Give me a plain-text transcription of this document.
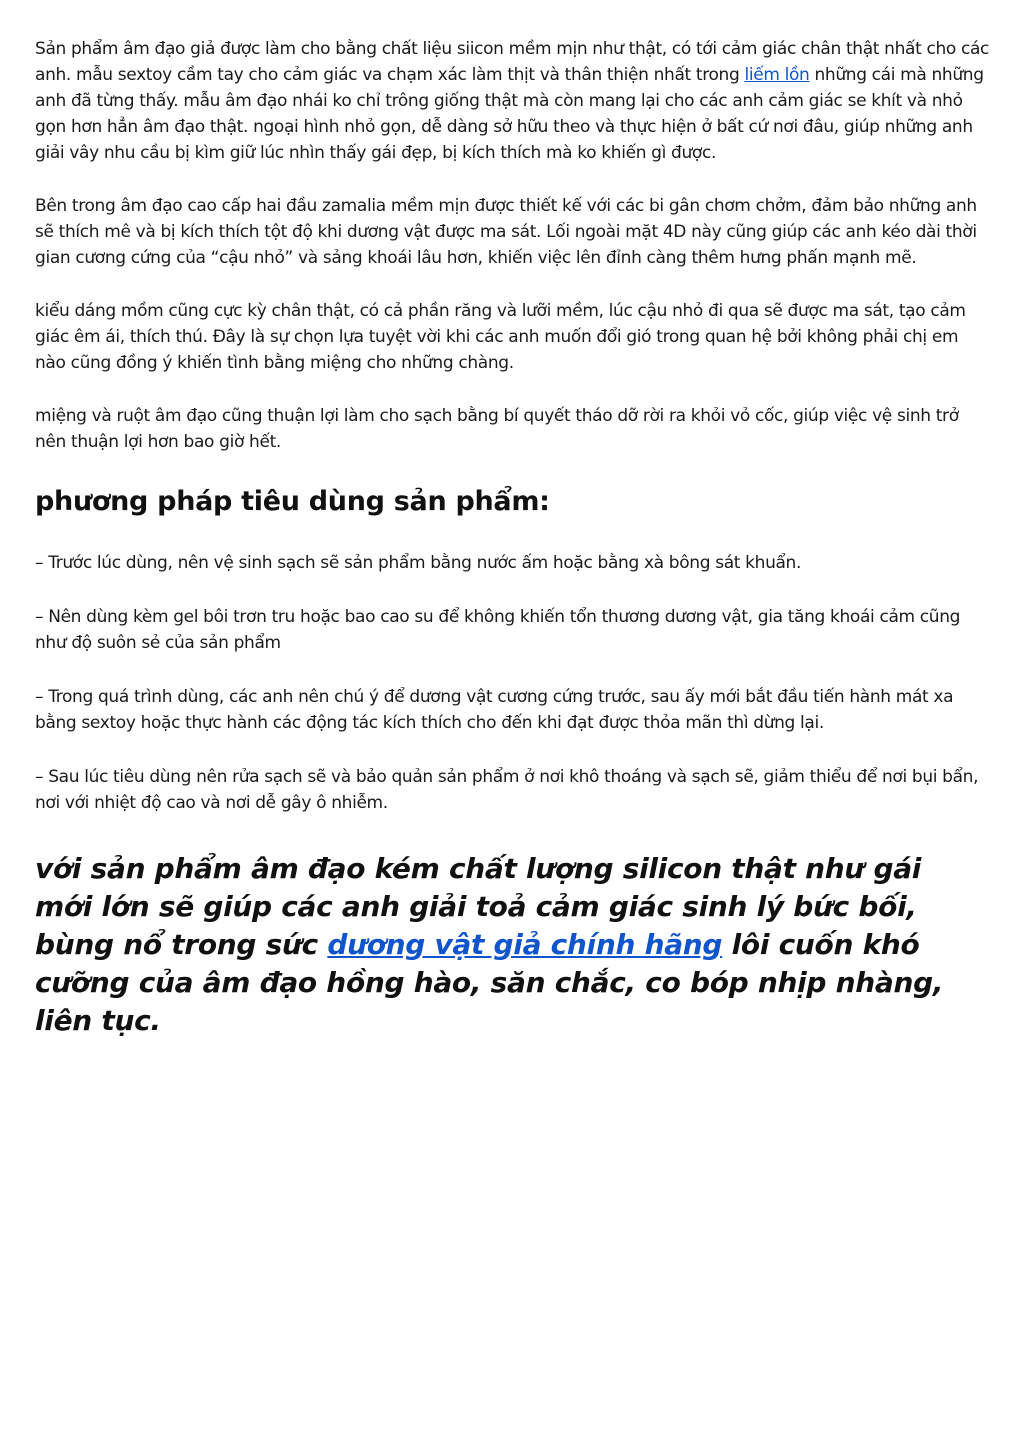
Sản phẩm âm đạo giả được làm cho bằng chất liệu siicon mềm mịn như thật, có tới cảm giác chân thật nhất cho các anh. mẫu sextoy cầm tay cho cảm giác va chạm xác làm thịt và thân thiện nhất trong liếm lồn những cái mà những anh đã từng thấy. mẫu âm đạo nhái ko chỉ trông giống thật mà còn mang lại cho các anh cảm giác se khít và nhỏ gọn hơn hẳn âm đạo thật. ngoại hình nhỏ gọn, dễ dàng sở hữu theo và thực hiện ở bất cứ nơi đâu, giúp những anh giải vây nhu cầu bị kìm giữ lúc nhìn thấy gái đẹp, bị kích thích mà ko khiến gì được.

Bên trong âm đạo cao cấp hai đầu zamalia mềm mịn được thiết kế với các bi gân chơm chởm, đảm bảo những anh sẽ thích mê và bị kích thích tột độ khi dương vật được ma sát. Lối ngoài mặt 4D này cũng giúp các anh kéo dài thời gian cương cứng của “cậu nhỏ” và sảng khoái lâu hơn, khiến việc lên đỉnh càng thêm hưng phấn mạnh mẽ.

kiểu dáng mồm cũng cực kỳ chân thật, có cả phần răng và lưỡi mềm, lúc cậu nhỏ đi qua sẽ được ma sát, tạo cảm giác êm ái, thích thú. Đây là sự chọn lựa tuyệt vời khi các anh muốn đổi gió trong quan hệ bởi không phải chị em nào cũng đồng ý khiến tình bằng miệng cho những chàng.

miệng và ruột âm đạo cũng thuận lợi làm cho sạch bằng bí quyết tháo dỡ rời ra khỏi vỏ cốc, giúp việc vệ sinh trở nên thuận lợi hơn bao giờ hết.

phương pháp tiêu dùng sản phẩm:

– Trước lúc dùng, nên vệ sinh sạch sẽ sản phẩm bằng nước ấm hoặc bằng xà bông sát khuẩn.

– Nên dùng kèm gel bôi trơn tru hoặc bao cao su để không khiến tổn thương dương vật, gia tăng khoái cảm cũng như độ suôn sẻ của sản phẩm

– Trong quá trình dùng, các anh nên chú ý để dương vật cương cứng trước, sau ấy mới bắt đầu tiến hành mát xa bằng sextoy hoặc thực hành các động tác kích thích cho đến khi đạt được thỏa mãn thì dừng lại.

– Sau lúc tiêu dùng nên rửa sạch sẽ và bảo quản sản phẩm ở nơi khô thoáng và sạch sẽ, giảm thiểu để nơi bụi bẩn, nơi với nhiệt độ cao và nơi dễ gây ô nhiễm.

với sản phẩm âm đạo kém chất lượng silicon thật như gái mới lớn sẽ giúp các anh giải toả cảm giác sinh lý bức bối, bùng nổ trong sức dương vật giả chính hãng lôi cuốn khó cưỡng của âm đạo hồng hào, săn chắc, co bóp nhịp nhàng, liên tục.
